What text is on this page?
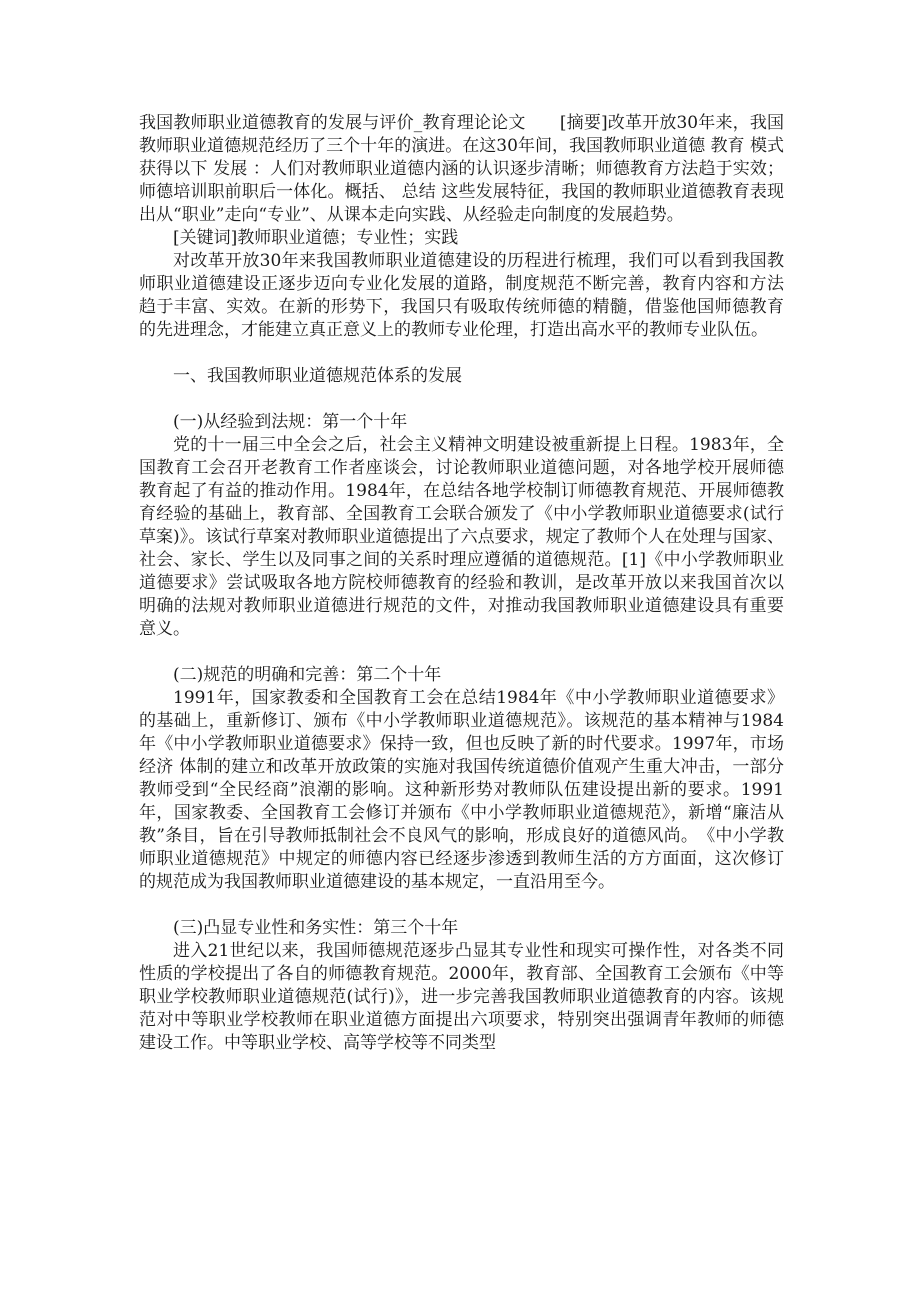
我国教师职业道德教育的发展与评价_教育理论论文　　[摘要]改革开放30年来，我国教师职业道德规范经历了三个十年的演进。在这30年间，我国教师职业道德 教育 模式获得以下 发展 ：人们对教师职业道德内涵的认识逐步清晰；师德教育方法趋于实效；师德培训职前职后一体化。概括、 总结 这些发展特征，我国的教师职业道德教育表现出从“职业”走向“专业”、从课本走向实践、从经验走向制度的发展趋势。

[关键词]教师职业道德；专业性；实践

对改革开放30年来我国教师职业道德建设的历程进行梳理，我们可以看到我国教师职业道德建设正逐步迈向专业化发展的道路，制度规范不断完善，教育内容和方法趋于丰富、实效。在新的形势下，我国只有吸取传统师德的精髓，借鉴他国师德教育的先进理念，才能建立真正意义上的教师专业伦理，打造出高水平的教师专业队伍。

一、我国教师职业道德规范体系的发展

(一)从经验到法规：第一个十年

党的十一届三中全会之后，社会主义精神文明建设被重新提上日程。1983年，全国教育工会召开老教育工作者座谈会，讨论教师职业道德问题，对各地学校开展师德教育起了有益的推动作用。1984年，在总结各地学校制订师德教育规范、开展师德教育经验的基础上，教育部、全国教育工会联合颁发了《中小学教师职业道德要求(试行草案)》。该试行草案对教师职业道德提出了六点要求，规定了教师个人在处理与国家、社会、家长、学生以及同事之间的关系时理应遵循的道德规范。[1]《中小学教师职业道德要求》尝试吸取各地方院校师德教育的经验和教训，是改革开放以来我国首次以明确的法规对教师职业道德进行规范的文件，对推动我国教师职业道德建设具有重要意义。

(二)规范的明确和完善：第二个十年

1991年，国家教委和全国教育工会在总结1984年《中小学教师职业道德要求》的基础上，重新修订、颁布《中小学教师职业道德规范》。该规范的基本精神与1984年《中小学教师职业道德要求》保持一致，但也反映了新的时代要求。1997年，市场 经济 体制的建立和改革开放政策的实施对我国传统道德价值观产生重大冲击，一部分教师受到“全民经商”浪潮的影响。这种新形势对教师队伍建设提出新的要求。1991年，国家教委、全国教育工会修订并颁布《中小学教师职业道德规范》，新增“廉洁从教”条目，旨在引导教师抵制社会不良风气的影响，形成良好的道德风尚。　《中小学教师职业道德规范》中规定的师德内容已经逐步渗透到教师生活的方方面面，这次修订的规范成为我国教师职业道德建设的基本规定，一直沿用至今。

(三)凸显专业性和务实性：第三个十年

进入21世纪以来，我国师德规范逐步凸显其专业性和现实可操作性，对各类不同性质的学校提出了各自的师德教育规范。2000年，教育部、全国教育工会颁布《中等职业学校教师职业道德规范(试行)》，进一步完善我国教师职业道德教育的内容。该规范对中等职业学校教师在职业道德方面提出六项要求，特别突出强调青年教师的师德建设工作。中等职业学校、高等学校等不同类型
